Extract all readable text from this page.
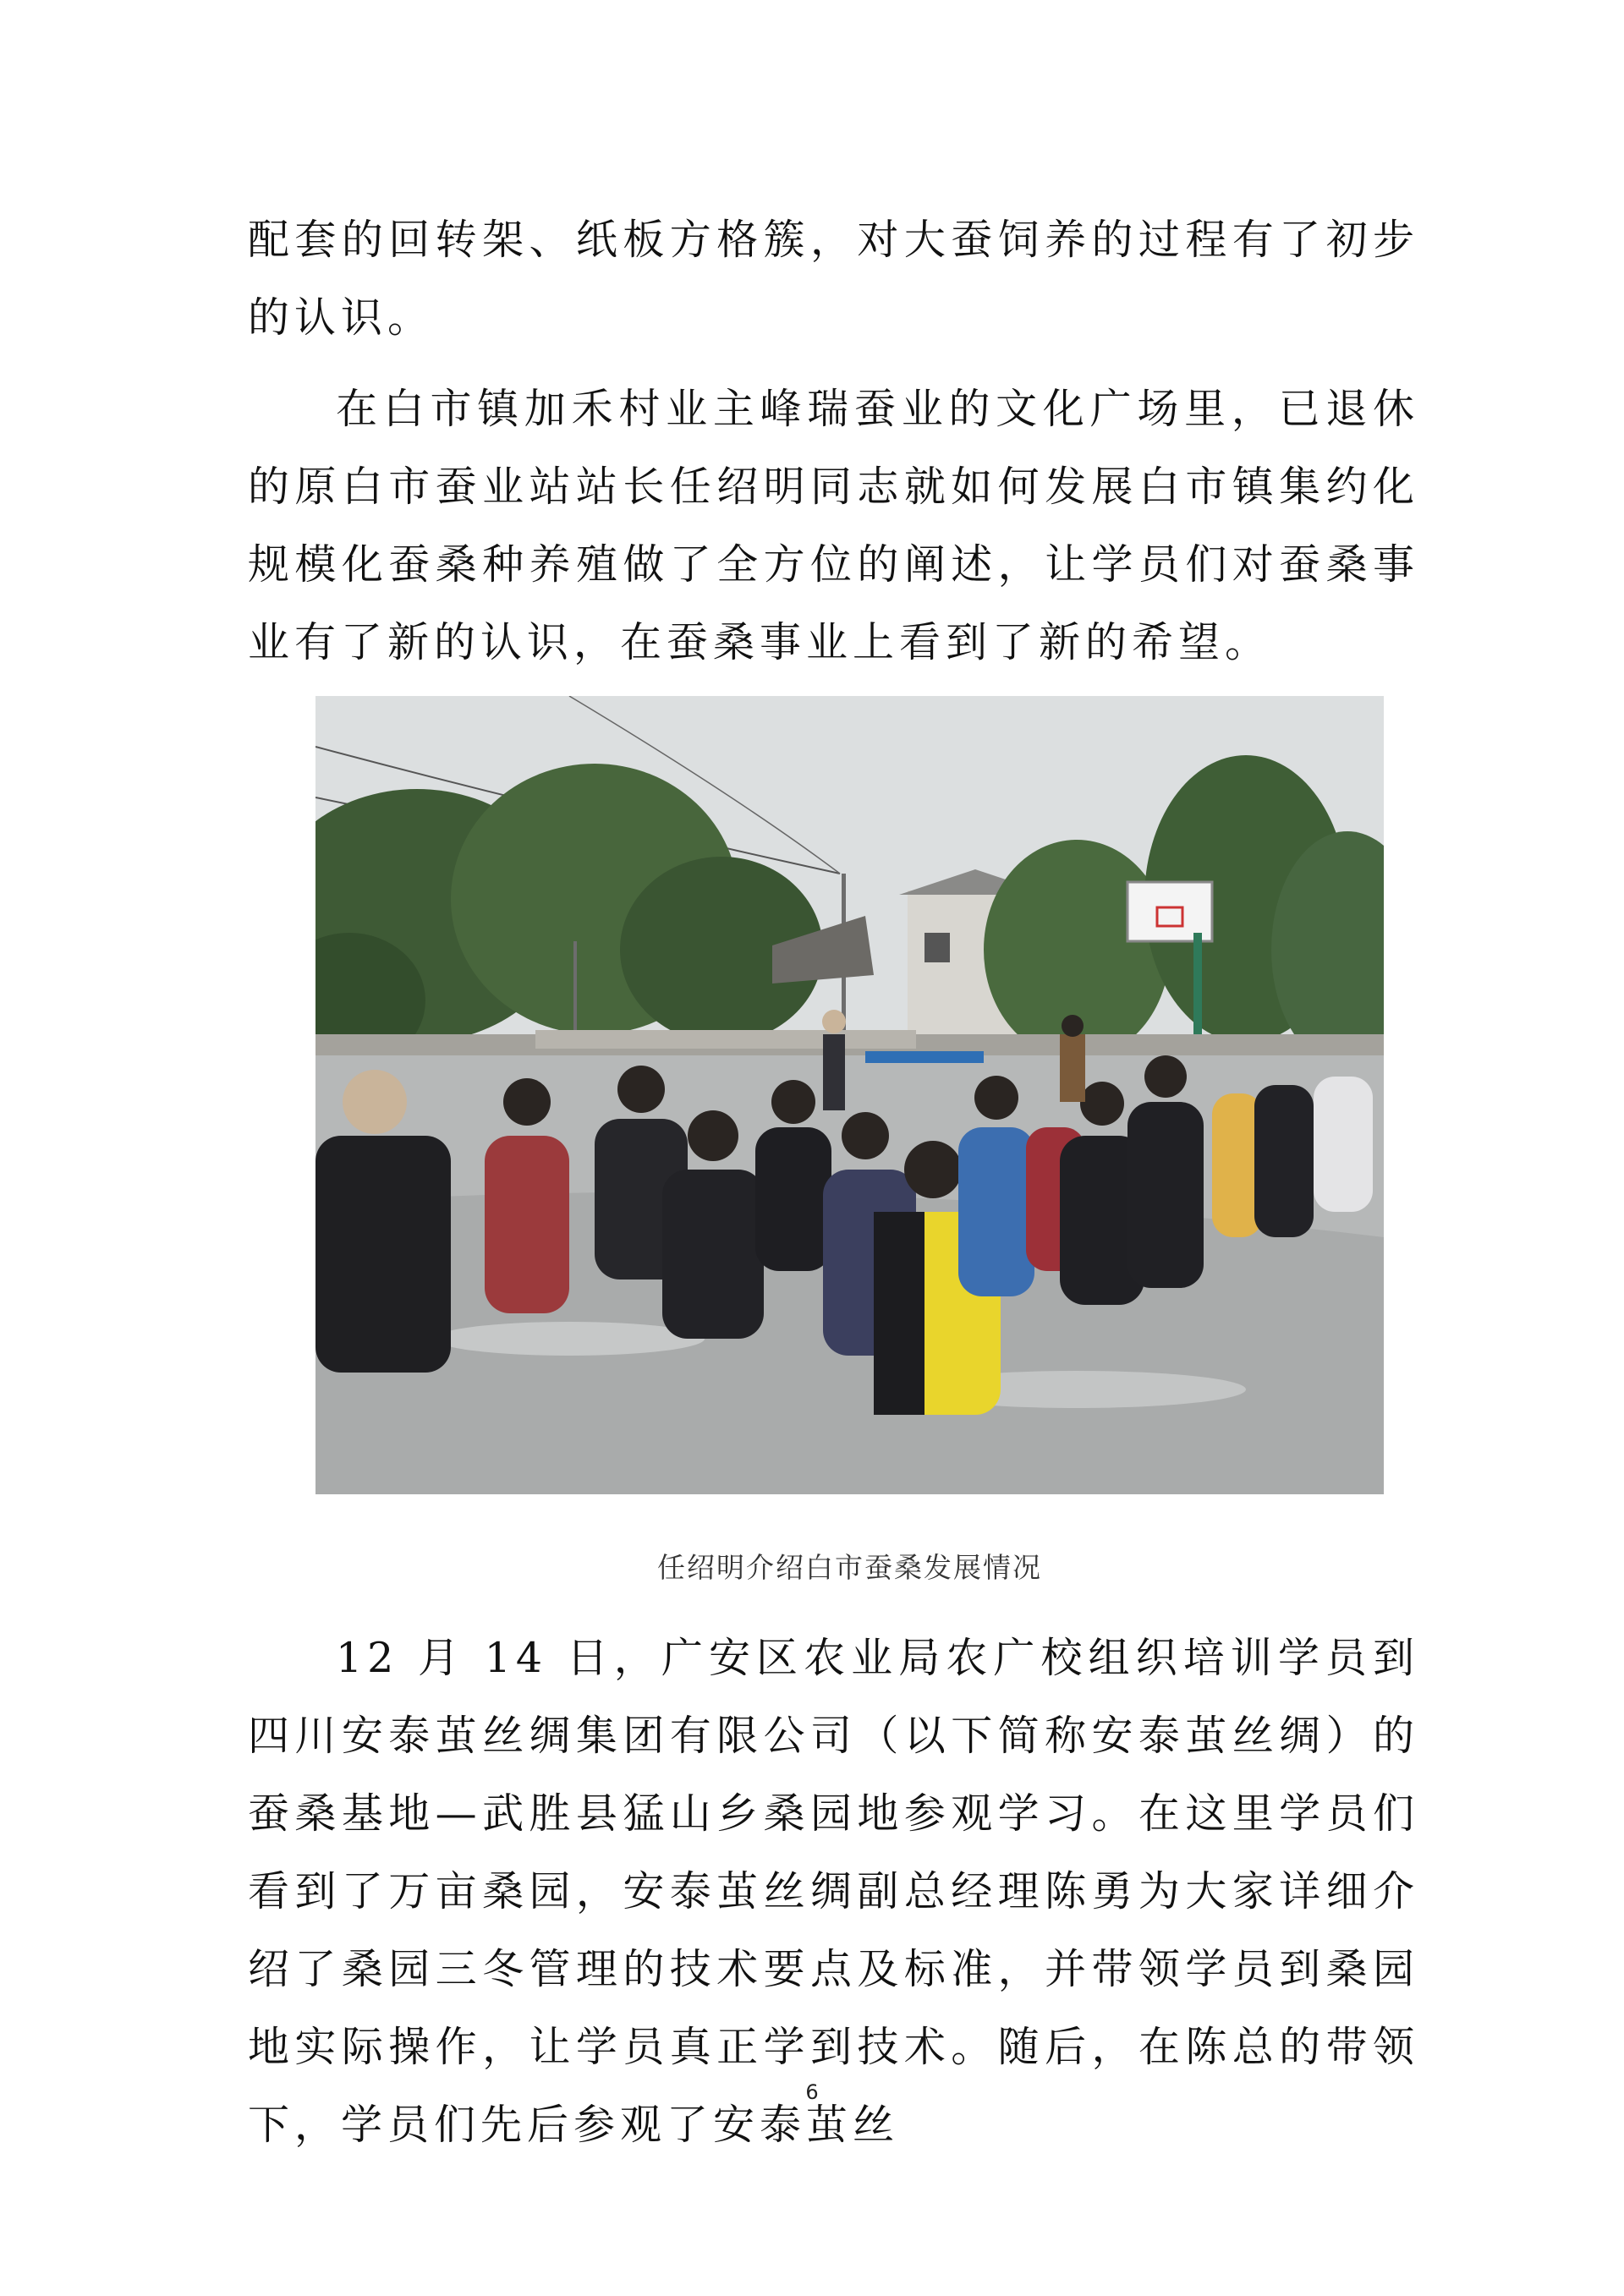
配套的回转架、纸板方格簇，对大蚕饲养的过程有了初步的认识。

在白市镇加禾村业主峰瑞蚕业的文化广场里，已退休的原白市蚕业站站长任绍明同志就如何发展白市镇集约化规模化蚕桑种养殖做了全方位的阐述，让学员们对蚕桑事业有了新的认识，在蚕桑事业上看到了新的希望。

任绍明介绍白市蚕桑发展情况

12 月 14 日，广安区农业局农广校组织培训学员到四川安泰茧丝绸集团有限公司（以下简称安泰茧丝绸）的蚕桑基地—武胜县猛山乡桑园地参观学习。在这里学员们看到了万亩桑园，安泰茧丝绸副总经理陈勇为大家详细介绍了桑园三冬管理的技术要点及标准，并带领学员到桑园地实际操作，让学员真正学到技术。随后，在陈总的带领下，学员们先后参观了安泰茧丝

6
